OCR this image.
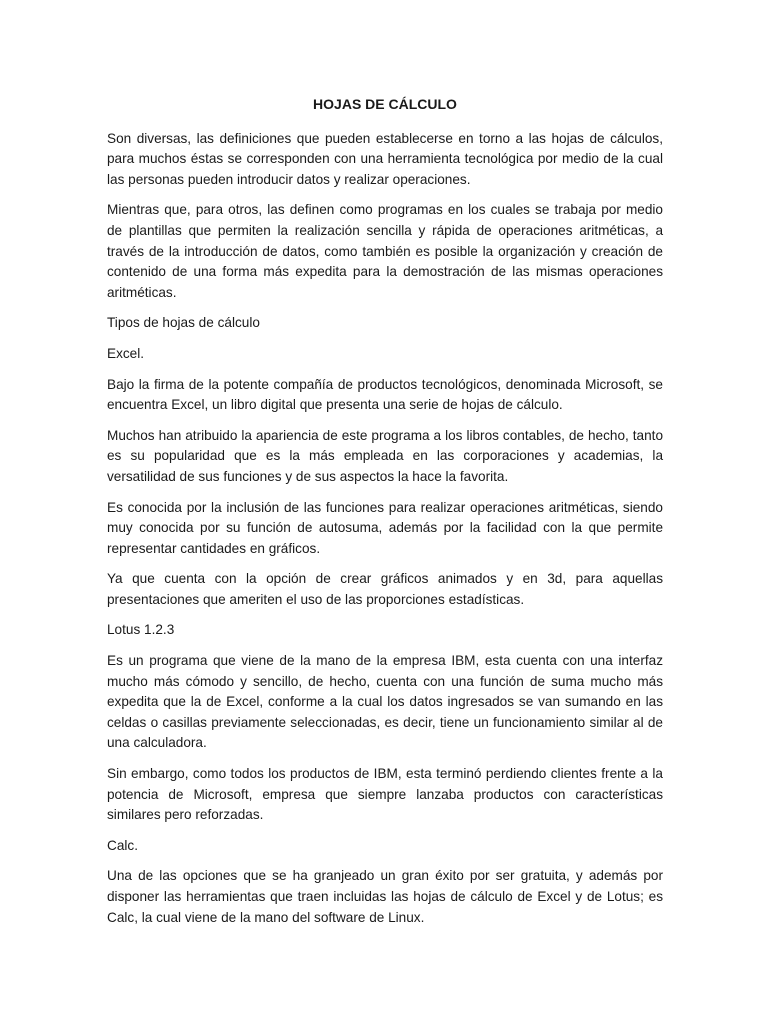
HOJAS DE CÁLCULO

Son diversas, las definiciones que pueden establecerse en torno a las hojas de cálculos, para muchos éstas se corresponden con una herramienta tecnológica por medio de la cual las personas pueden introducir datos y realizar operaciones.

Mientras que, para otros, las definen como programas en los cuales se trabaja por medio de plantillas que permiten la realización sencilla y rápida de operaciones aritméticas, a través de la introducción de datos, como también es posible la organización y creación de contenido de una forma más expedita para la demostración de las mismas operaciones aritméticas.

Tipos de hojas de cálculo

Excel.

Bajo la firma de la potente compañía de productos tecnológicos, denominada Microsoft, se encuentra Excel, un libro digital que presenta una serie de hojas de cálculo.

Muchos han atribuido la apariencia de este programa a los libros contables, de hecho, tanto es su popularidad que es la más empleada en las corporaciones y academias, la versatilidad de sus funciones y de sus aspectos la hace la favorita.

Es conocida por la inclusión de las funciones para realizar operaciones aritméticas, siendo muy conocida por su función de autosuma, además por la facilidad con la que permite representar cantidades en gráficos.

Ya que cuenta con la opción de crear gráficos animados y en 3d, para aquellas presentaciones que ameriten el uso de las proporciones estadísticas.

Lotus 1.2.3

Es un programa que viene de la mano de la empresa IBM, esta cuenta con una interfaz mucho más cómodo y sencillo, de hecho, cuenta con una función de suma mucho más expedita que la de Excel, conforme a la cual los datos ingresados se van sumando en las celdas o casillas previamente seleccionadas, es decir, tiene un funcionamiento similar al de una calculadora.

Sin embargo, como todos los productos de IBM, esta terminó perdiendo clientes frente a la potencia de Microsoft, empresa que siempre lanzaba productos con características similares pero reforzadas.

Calc.

Una de las opciones que se ha granjeado un gran éxito por ser gratuita, y además por disponer las herramientas que traen incluidas las hojas de cálculo de Excel y de Lotus; es Calc, la cual viene de la mano del software de Linux.
